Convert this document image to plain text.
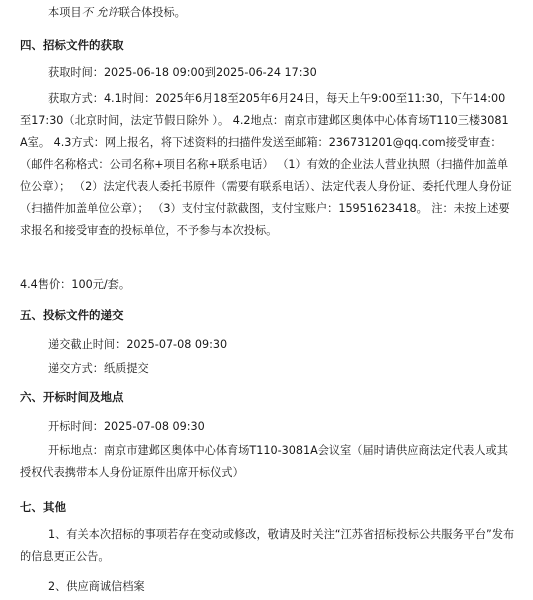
本项目不 允许联合体投标。
四、招标文件的获取
获取时间：2025-06-18 09:00到2025-06-24 17:30
获取方式：4.1时间：2025年6月18至205年6月24日，每天上午9:00至11:30，下午14:00至17:30（北京时间，法定节假日除外 ）。 4.2地点：南京市建邺区奥体中心体育场T110三楼3081A室。 4.3方式：网上报名，将下述资料的扫描件发送至邮箱：236731201@qq.com接受审查：（邮件名称格式：公司名称+项目名称+联系电话） （1）有效的企业法人营业执照（扫描件加盖单位公章）； （2）法定代表人委托书原件（需要有联系电话）、法定代表人身份证、委托代理人身份证（扫描件加盖单位公章）； （3）支付宝付款截图，支付宝账户：15951623418。 注：未按上述要求报名和接受审查的投标单位，不予参与本次投标。
4.4售价：100元/套。
五、投标文件的递交
递交截止时间：2025-07-08 09:30
递交方式：纸质提交
六、开标时间及地点
开标时间：2025-07-08 09:30
开标地点：南京市建邺区奥体中心体育场T110-3081A会议室（届时请供应商法定代表人或其授权代表携带本人身份证原件出席开标仪式）
七、其他
1、有关本次招标的事项若存在变动或修改，敬请及时关注“江苏省招标投标公共服务平台”发布的信息更正公告。
2、供应商诚信档案
